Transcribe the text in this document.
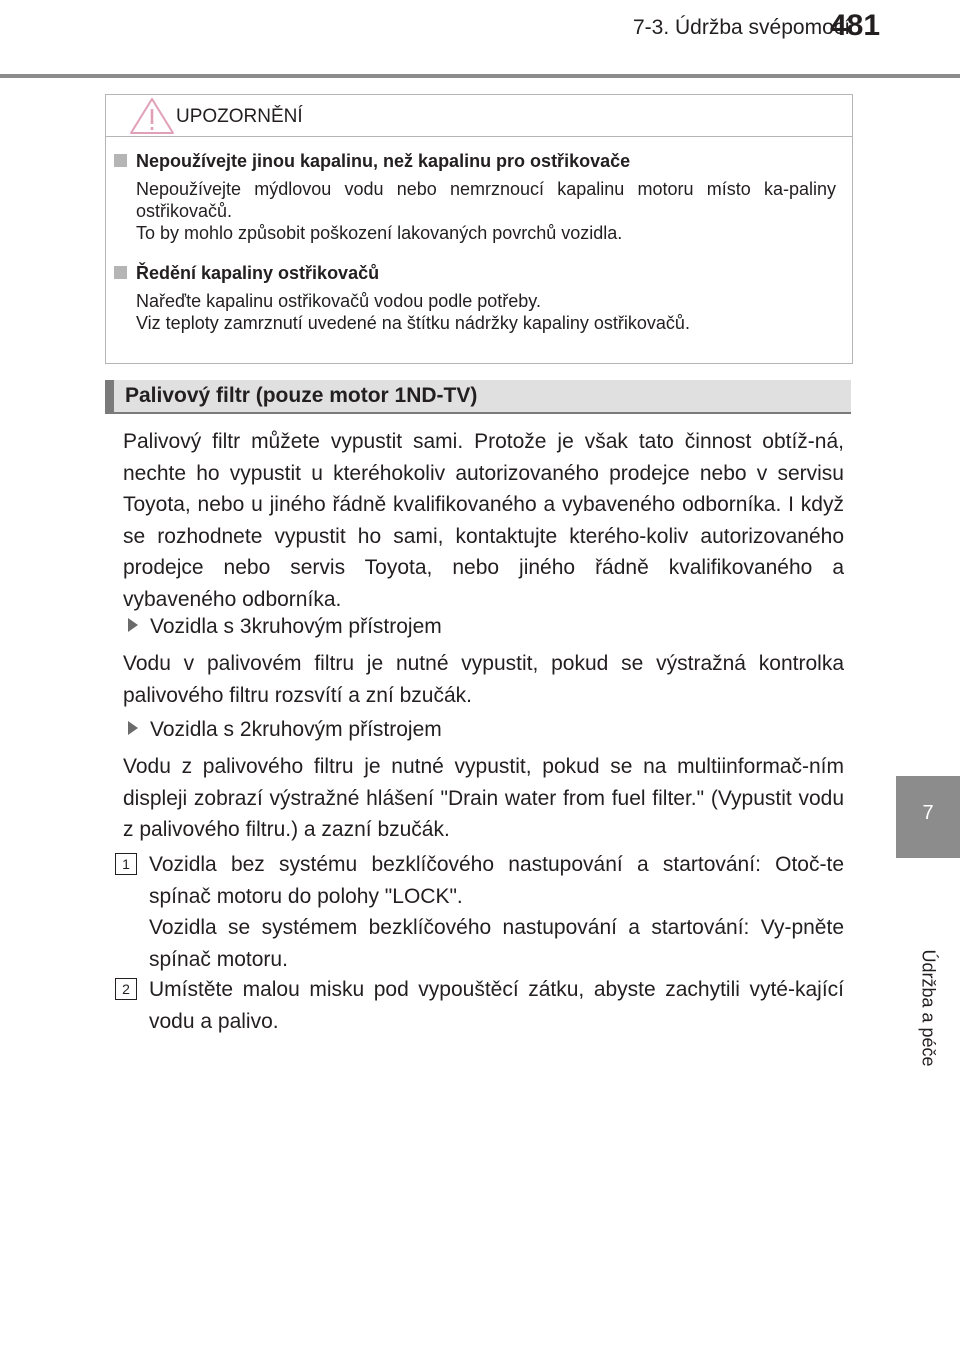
7-3. Údržba svépomocí
481
7
Údržba a péče
UPOZORNĚNÍ
Nepoužívejte jinou kapalinu, než kapalinu pro ostřikovače
Nepoužívejte mýdlovou vodu nebo nemrznoucí kapalinu motoru místo ka-paliny ostřikovačů.
To by mohlo způsobit poškození lakovaných povrchů vozidla.
Ředění kapaliny ostřikovačů
Nařeďte kapalinu ostřikovačů vodou podle potřeby.
Viz teploty zamrznutí uvedené na štítku nádržky kapaliny ostřikovačů.
Palivový filtr (pouze motor 1ND-TV)
Palivový filtr můžete vypustit sami. Protože je však tato činnost obtíž-ná, nechte ho vypustit u kteréhokoliv autorizovaného prodejce nebo v servisu Toyota, nebo u jiného řádně kvalifikovaného a vybaveného odborníka. I když se rozhodnete vypustit ho sami, kontaktujte kterého-koliv autorizovaného prodejce nebo servis Toyota, nebo jiného řádně kvalifikovaného a vybaveného odborníka.
Vozidla s 3kruhovým přístrojem
Vodu v palivovém filtru je nutné vypustit, pokud se výstražná kontrolka palivového filtru rozsvítí a zní bzučák.
Vozidla s 2kruhovým přístrojem
Vodu z palivového filtru je nutné vypustit, pokud se na multiinformač-ním displeji zobrazí výstražné hlášení "Drain water from fuel filter." (Vypustit vodu z palivového filtru.) a zazní bzučák.
1 Vozidla bez systému bezklíčového nastupování a startování: Otoč-te spínač motoru do polohy "LOCK".
Vozidla se systémem bezklíčového nastupování a startování: Vy-pněte spínač motoru.
2 Umístěte malou misku pod vypouštěcí zátku, abyste zachytili vyté-kající vodu a palivo.
